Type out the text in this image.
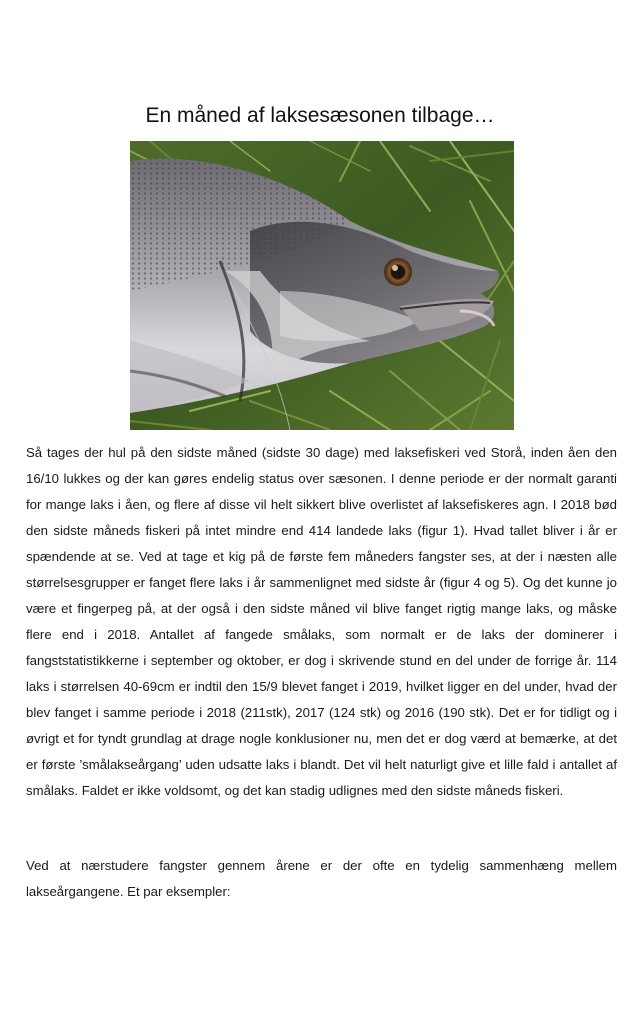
En måned af laksesæsonen tilbage…

Så tages der hul på den sidste måned (sidste 30 dage) med laksefiskeri ved Storå, inden åen den 16/10 lukkes og der kan gøres endelig status over sæsonen. I denne periode er der normalt garanti for mange laks i åen, og flere af disse vil helt sikkert blive overlistet af laksefiskeres agn. I 2018 bød den sidste måneds fiskeri på intet mindre end 414 landede laks (figur 1). Hvad tallet bliver i år er spændende at se. Ved at tage et kig på de første fem måneders fangster ses, at der i næsten alle størrelsesgrupper er fanget flere laks i år sammenlignet med sidste år (figur 4 og 5). Og det kunne jo være et fingerpeg på, at der også i den sidste måned vil blive fanget rigtig mange laks, og måske flere end i 2018. Antallet af fangede smålaks, som normalt er de laks der dominerer i fangststatistikkerne i september og oktober, er dog i skrivende stund en del under de forrige år. 114 laks i størrelsen 40-69cm er indtil den 15/9 blevet fanget i 2019, hvilket ligger en del under, hvad der blev fanget i samme periode i 2018 (211stk), 2017 (124 stk) og 2016 (190 stk). Det er for tidligt og i øvrigt et for tyndt grundlag at drage nogle konklusioner nu, men det er dog værd at bemærke, at det er første ’smålakseårgang’ uden udsatte laks i blandt. Det vil helt naturligt give et lille fald i antallet af smålaks. Faldet er ikke voldsomt, og det kan stadig udlignes med den sidste måneds fiskeri.

Ved at nærstudere fangster gennem årene er der ofte en tydelig sammenhæng mellem lakseårgangene. Et par eksempler:
